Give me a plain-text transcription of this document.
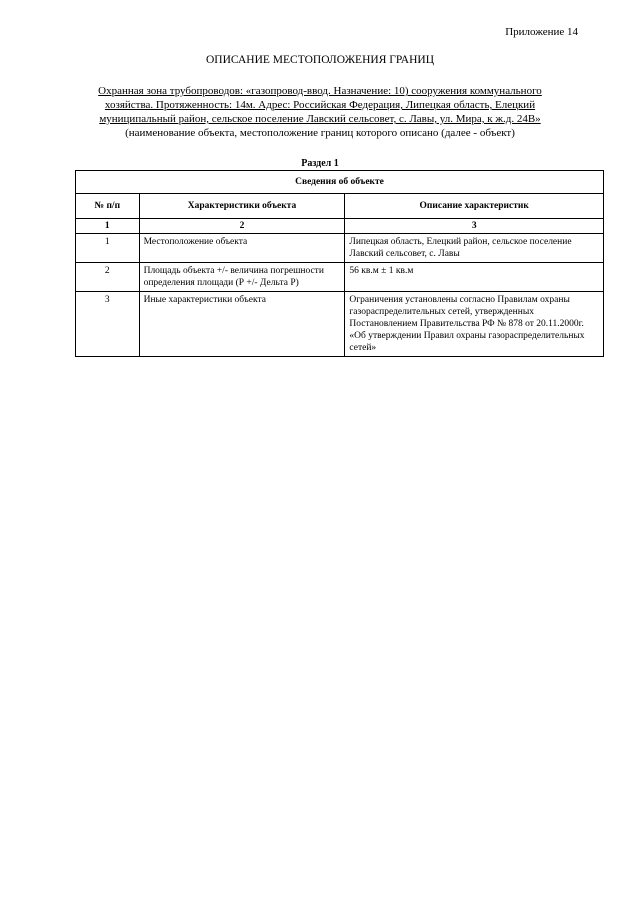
Приложение 14
ОПИСАНИЕ МЕСТОПОЛОЖЕНИЯ ГРАНИЦ
Охранная зона трубопроводов: «газопровод-ввод. Назначение: 10) сооружения коммунального
хозяйства. Протяженность: 14м. Адрес: Российская Федерация, Липецкая область, Елецкий
муниципальный район, сельское поселение Лавский сельсовет, с. Лавы, ул. Мира, к ж.д. 24В»

(наименование объекта, местоположение границ которого описано (далее - объект)
Раздел 1
Сведения об объекте		
№ п/п	Характеристики объекта	Описание характеристик
1	2	3
1	Местоположение объекта	Липецкая область, Елецкий район, сельское поселение Лавский сельсовет, с. Лавы
2	Площадь объекта +/- величина погрешности определения площади (Р +/- Дельта Р)	56 кв.м ± 1 кв.м
3	Иные характеристики объекта	Ограничения установлены согласно Правилам охраны газораспределительных сетей, утвержденных Постановлением Правительства РФ № 878 от 20.11.2000г. «Об утверждении Правил охраны газораспределительных сетей»
